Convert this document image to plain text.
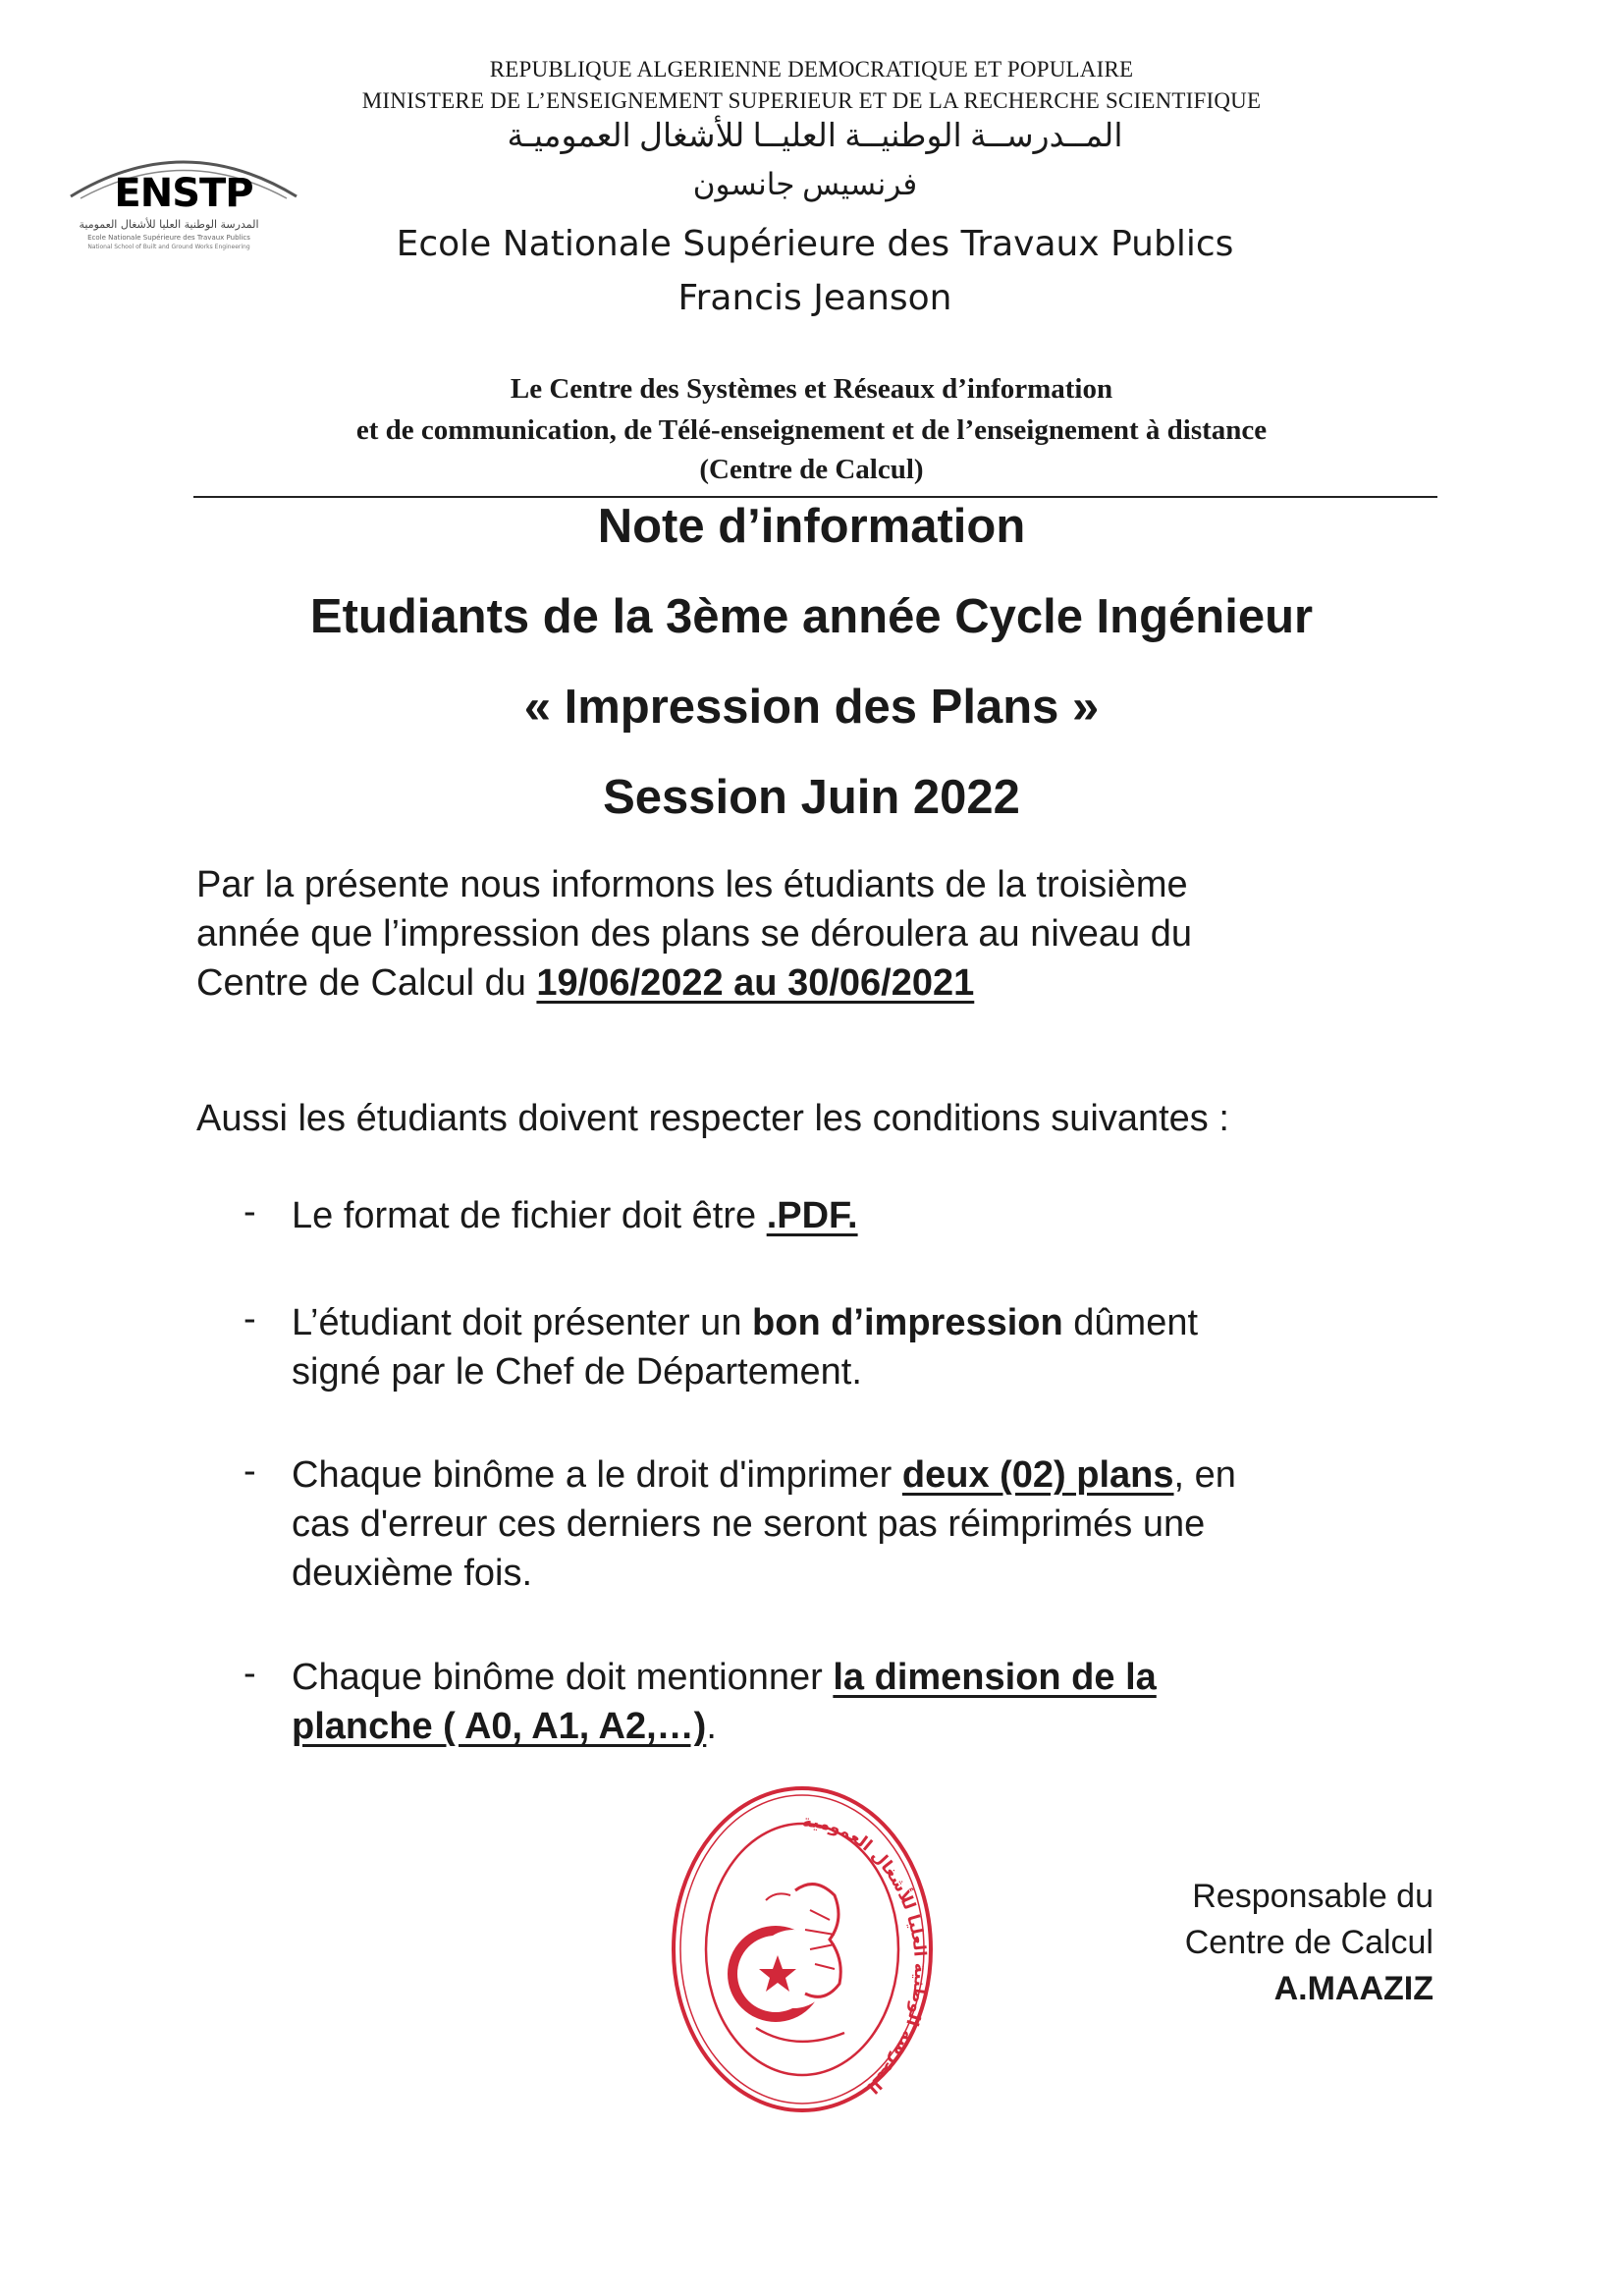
ENSTP
المدرسة الوطنية العليا للأشغال العمومية
Ecole Nationale Supérieure des Travaux Publics
National School of Built and Ground Works Engineering
REPUBLIQUE ALGERIENNE DEMOCRATIQUE ET POPULAIRE
MINISTERE DE L’ENSEIGNEMENT SUPERIEUR ET DE LA RECHERCHE SCIENTIFIQUE
المــدرســة الوطنيــة العليــا للأشغال العموميـة
فرنسيس جانسون
Ecole Nationale Supérieure des Travaux Publics
Francis Jeanson
Le Centre des Systèmes et Réseaux d’information
et de communication, de Télé-enseignement et de l’enseignement à distance
(Centre de Calcul)
Note d’information
Etudiants de la 3ème année Cycle Ingénieur
« Impression des Plans »
Session Juin 2022
Par la présente nous informons les étudiants de la troisième
année que l’impression des plans se déroulera au niveau du
Centre de Calcul du 19/06/2022 au 30/06/2021
Aussi les étudiants doivent respecter les conditions suivantes :
- Le format de fichier doit être .PDF.
- L’étudiant doit présenter un bon d’impression dûment
signé par le Chef de Département.
- Chaque binôme a le droit d'imprimer deux (02) plans, en
cas d'erreur ces derniers ne seront pas réimprimés une
deuxième fois.
- Chaque binôme doit mentionner la dimension de la
planche ( A0, A1, A2,…).
المدرسة الوطنية العليا للأشغال العمومية
Responsable du
Centre de Calcul
A.MAAZIZ
